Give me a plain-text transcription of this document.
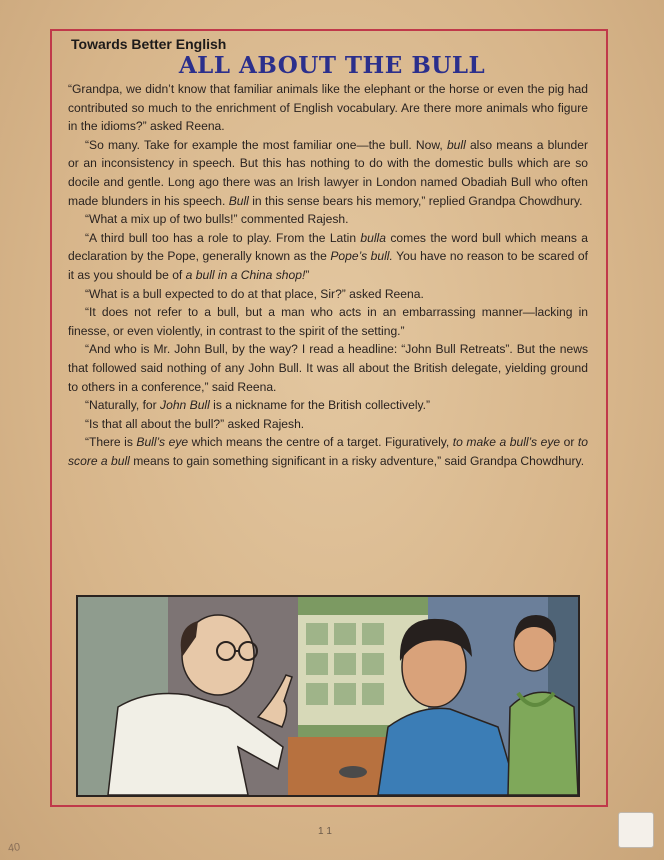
Towards Better English
ALL ABOUT THE BULL

“Grandpa, we didn’t know that familiar animals like the elephant or the horse or even the pig had contributed so much to the enrichment of English vocabulary. Are there more animals who figure in the idioms?” asked Reena.

“So many. Take for example the most familiar one—the bull. Now, bull also means a blunder or an inconsistency in speech. But this has nothing to do with the domestic bulls which are so docile and gentle. Long ago there was an Irish lawyer in London named Obadiah Bull who often made blunders in his speech. Bull in this sense bears his memory,” replied Grandpa Chowdhury.

“What a mix up of two bulls!” commented Rajesh.

“A third bull too has a role to play. From the Latin bulla comes the word bull which means a declaration by the Pope, generally known as the Pope’s bull. You have no reason to be scared of it as you should be of a bull in a China shop!”

“What is a bull expected to do at that place, Sir?” asked Reena.

“It does not refer to a bull, but a man who acts in an embarrassing manner—lacking in finesse, or even violently, in contrast to the spirit of the setting.”

“And who is Mr. John Bull, by the way? I read a headline: “John Bull Retreats”. But the news that followed said nothing of any John Bull. It was all about the British delegate, yielding ground to others in a conference,” said Reena.

“Naturally, for John Bull is a nickname for the British collectively.”

“Is that all about the bull?” asked Rajesh.

“There is Bull’s eye which means the centre of a target. Figuratively, to make a bull’s eye or to score a bull means to gain something significant in a risky adventure,” said Grandpa Chowdhury.

1 1
40
